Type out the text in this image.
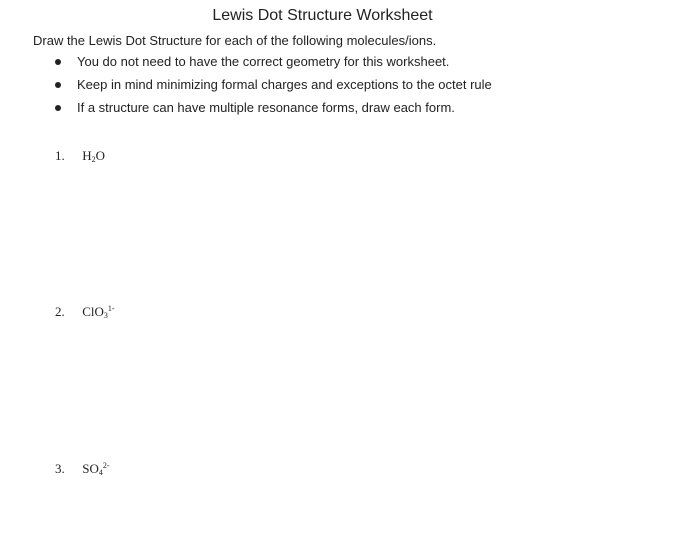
Lewis Dot Structure Worksheet
Draw the Lewis Dot Structure for each of the following molecules/ions.
You do not need to have the correct geometry for this worksheet.
Keep in mind minimizing formal charges and exceptions to the octet rule
If a structure can have multiple resonance forms, draw each form.
1. $H_2O$
2. ClO$_3^{1-}$
3. $SO_4^{2-}$
